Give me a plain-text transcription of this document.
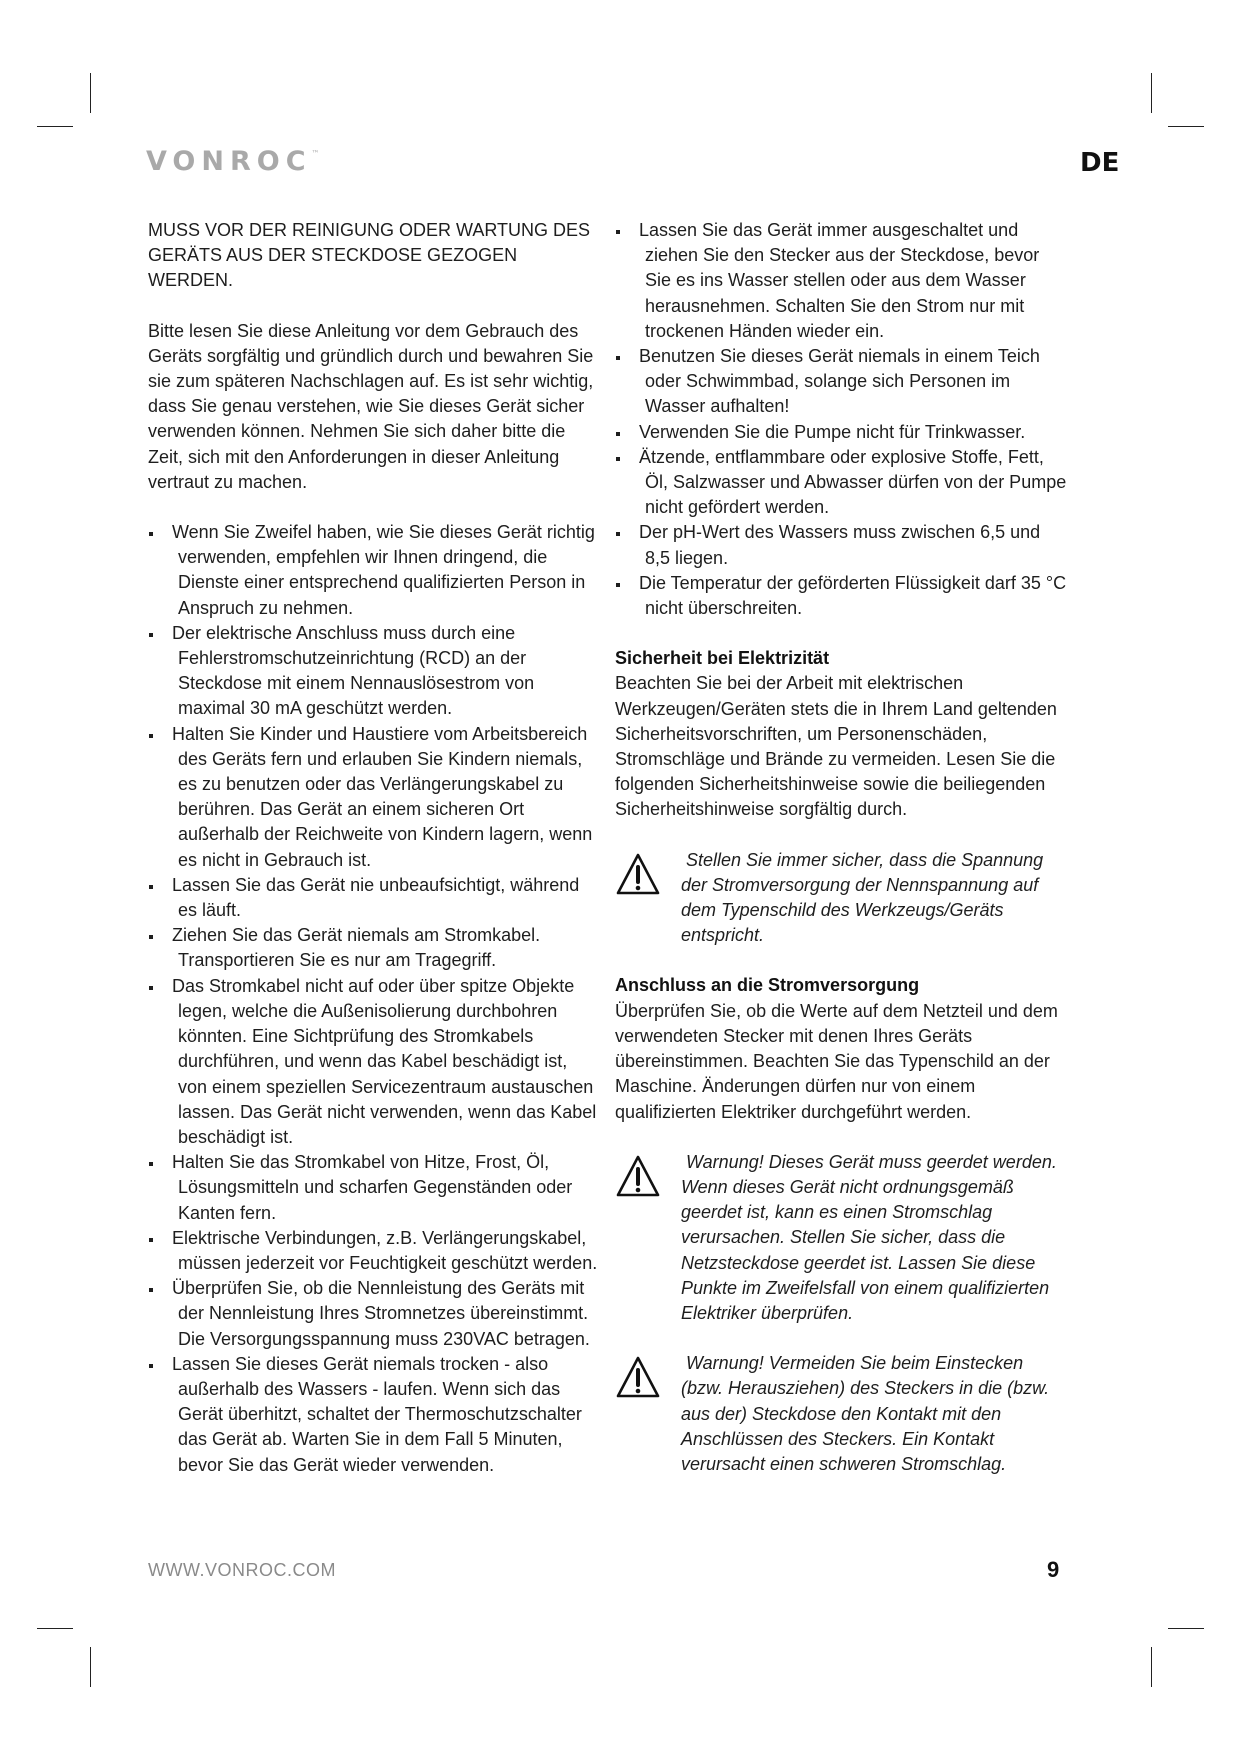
VONROC™	DE

MUSS VOR DER REINIGUNG ODER WARTUNG DES GERÄTS AUS DER STECKDOSE GEZOGEN WERDEN.

Bitte lesen Sie diese Anleitung vor dem Gebrauch des Geräts sorgfältig und gründlich durch und bewahren Sie sie zum späteren Nachschlagen auf. Es ist sehr wichtig, dass Sie genau verstehen, wie Sie dieses Gerät sicher verwenden können. Nehmen Sie sich daher bitte die Zeit, sich mit den Anforderungen in dieser Anleitung vertraut zu machen.

Wenn Sie Zweifel haben, wie Sie dieses Gerät richtig verwenden, empfehlen wir Ihnen dringend, die Dienste einer entsprechend qualifizierten Person in Anspruch zu nehmen.
Der elektrische Anschluss muss durch eine Fehlerstromschutzeinrichtung (RCD) an der Steckdose mit einem Nennauslösestrom von maximal 30 mA geschützt werden.
Halten Sie Kinder und Haustiere vom Arbeitsbereich des Geräts fern und erlauben Sie Kindern niemals, es zu benutzen oder das Verlängerungskabel zu berühren. Das Gerät an einem sicheren Ort außerhalb der Reichweite von Kindern lagern, wenn es nicht in Gebrauch ist.
Lassen Sie das Gerät nie unbeaufsichtigt, während es läuft.
Ziehen Sie das Gerät niemals am Stromkabel. Transportieren Sie es nur am Tragegriff.
Das Stromkabel nicht auf oder über spitze Objekte legen, welche die Außenisolierung durchbohren könnten. Eine Sichtprüfung des Stromkabels durchführen, und wenn das Kabel beschädigt ist, von einem speziellen Servicezentraum austauschen lassen. Das Gerät nicht verwenden, wenn das Kabel beschädigt ist.
Halten Sie das Stromkabel von Hitze, Frost, Öl, Lösungsmitteln und scharfen Gegenständen oder Kanten fern.
Elektrische Verbindungen, z.B. Verlängerungskabel, müssen jederzeit vor Feuchtigkeit geschützt werden.
Überprüfen Sie, ob die Nennleistung des Geräts mit der Nennleistung Ihres Stromnetzes übereinstimmt. Die Versorgungsspannung muss 230VAC betragen.
Lassen Sie dieses Gerät niemals trocken - also außerhalb des Wassers - laufen. Wenn sich das Gerät überhitzt, schaltet der Thermoschutzschalter das Gerät ab. Warten Sie in dem Fall 5 Minuten, bevor Sie das Gerät wieder verwenden.
Lassen Sie das Gerät immer ausgeschaltet und ziehen Sie den Stecker aus der Steckdose, bevor Sie es ins Wasser stellen oder aus dem Wasser herausnehmen. Schalten Sie den Strom nur mit trockenen Händen wieder ein.
Benutzen Sie dieses Gerät niemals in einem Teich oder Schwimmbad, solange sich Personen im Wasser aufhalten!
Verwenden Sie die Pumpe nicht für Trinkwasser.
Ätzende, entflammbare oder explosive Stoffe, Fett, Öl, Salzwasser und Abwasser dürfen von der Pumpe nicht gefördert werden.
Der pH-Wert des Wassers muss zwischen 6,5 und 8,5 liegen.
Die Temperatur der geförderten Flüssigkeit darf 35 °C nicht überschreiten.
Sicherheit bei Elektrizität

Beachten Sie bei der Arbeit mit elektrischen Werkzeugen/Geräten stets die in Ihrem Land geltenden Sicherheitsvorschriften, um Personenschäden, Stromschläge und Brände zu vermeiden. Lesen Sie die folgenden Sicherheitshinweise sowie die beiliegenden Sicherheitshinweise sorgfältig durch.

Stellen Sie immer sicher, dass die Spannung der Stromversorgung der Nennspannung auf dem Typenschild des Werkzeugs/Geräts entspricht.

Anschluss an die Stromversorgung

Überprüfen Sie, ob die Werte auf dem Netzteil und dem verwendeten Stecker mit denen Ihres Geräts übereinstimmen. Beachten Sie das Typenschild an der Maschine. Änderungen dürfen nur von einem qualifizierten Elektriker durchgeführt werden.

Warnung! Dieses Gerät muss geerdet werden. Wenn dieses Gerät nicht ordnungsgemäß geerdet ist, kann es einen Stromschlag verursachen. Stellen Sie sicher, dass die Netzsteckdose geerdet ist. Lassen Sie diese Punkte im Zweifelsfall von einem qualifizierten Elektriker überprüfen.

Warnung! Vermeiden Sie beim Einstecken (bzw. Herausziehen) des Steckers in die (bzw. aus der) Steckdose den Kontakt mit den Anschlüssen des Steckers. Ein Kontakt verursacht einen schweren Stromschlag.

WWW.VONROC.COM	9
